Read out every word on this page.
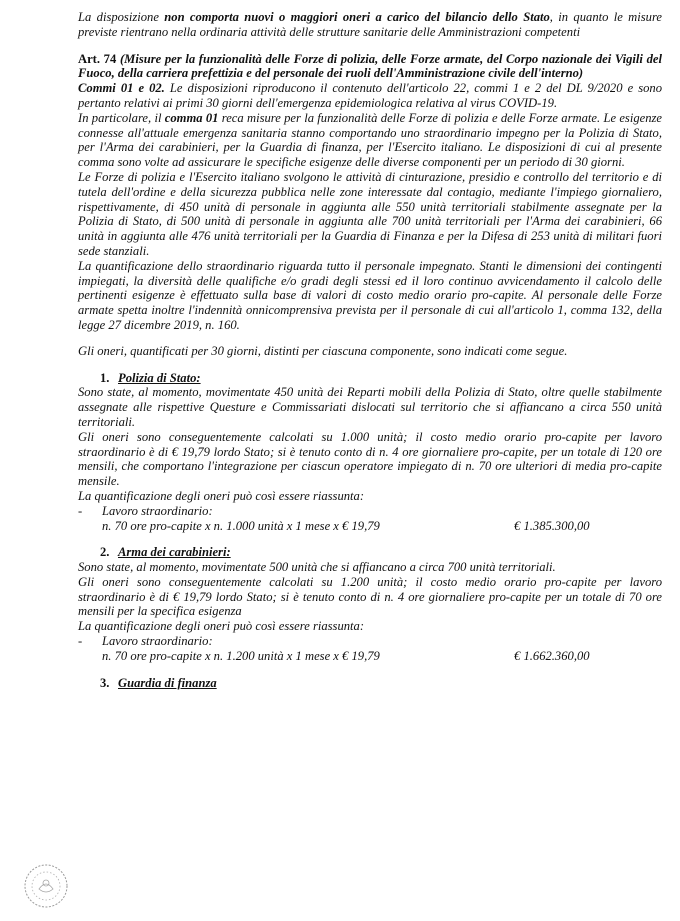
La disposizione non comporta nuovi o maggiori oneri a carico del bilancio dello Stato, in quanto le misure previste rientrano nella ordinaria attività delle strutture sanitarie delle Amministrazioni competenti

Art. 74 (Misure per la funzionalità delle Forze di polizia, delle Forze armate, del Corpo nazionale dei Vigili del Fuoco, della carriera prefettizia e del personale dei ruoli dell'Amministrazione civile dell'interno)

Commi 01 e 02. Le disposizioni riproducono il contenuto dell'articolo 22, commi 1 e 2 del DL 9/2020 e sono pertanto relativi ai primi 30 giorni dell'emergenza epidemiologica relativa al virus COVID-19.

In particolare, il comma 01 reca misure per la funzionalità delle Forze di polizia e delle Forze armate. Le esigenze connesse all'attuale emergenza sanitaria stanno comportando uno straordinario impegno per la Polizia di Stato, per l'Arma dei carabinieri, per la Guardia di finanza, per l'Esercito italiano. Le disposizioni di cui al presente comma sono volte ad assicurare le specifiche esigenze delle diverse componenti per un periodo di 30 giorni.

Le Forze di polizia e l'Esercito italiano svolgono le attività di cinturazione, presidio e controllo del territorio e di tutela dell'ordine e della sicurezza pubblica nelle zone interessate dal contagio, mediante l'impiego giornaliero, rispettivamente, di 450 unità di personale in aggiunta alle 550 unità territoriali stabilmente assegnate per la Polizia di Stato, di 500 unità di personale in aggiunta alle 700 unità territoriali per l'Arma dei carabinieri, 66 unità in aggiunta alle 476 unità territoriali per la Guardia di Finanza e per la Difesa di 253 unità di militari fuori sede stanziali.

La quantificazione dello straordinario riguarda tutto il personale impegnato. Stanti le dimensioni dei contingenti impiegati, la diversità delle qualifiche e/o gradi degli stessi ed il loro continuo avvicendamento il calcolo delle pertinenti esigenze è effettuato sulla base di valori di costo medio orario pro-capite. Al personale delle Forze armate spetta inoltre l'indennità onnicomprensiva prevista per il personale di cui all'articolo 1, comma 132, della legge 27 dicembre 2019, n. 160.

Gli oneri, quantificati per 30 giorni, distinti per ciascuna componente, sono indicati come segue.

1. Polizia di Stato:

Sono state, al momento, movimentate 450 unità dei Reparti mobili della Polizia di Stato, oltre quelle stabilmente assegnate alle rispettive Questure e Commissariati dislocati sul territorio che si affiancano a circa 550 unità territoriali.

Gli oneri sono conseguentemente calcolati su 1.000 unità; il costo medio orario pro-capite per lavoro straordinario è di € 19,79 lordo Stato; si è tenuto conto di n. 4 ore giornaliere pro-capite, per un totale di 120 ore mensili, che comportano l'integrazione per ciascun operatore impiegato di n. 70 ore ulteriori di media pro-capite mensile.

La quantificazione degli oneri può così essere riassunta:

-	Lavoro straordinario:
n. 70 ore pro-capite x n. 1.000 unità x 1 mese x € 19,79	€ 1.385.300,00
2. Arma dei carabinieri:

Sono state, al momento, movimentate 500 unità che si affiancano a circa 700 unità territoriali.

Gli oneri sono conseguentemente calcolati su 1.200 unità; il costo medio orario pro-capite per lavoro straordinario è di € 19,79 lordo Stato; si è tenuto conto di n. 4 ore giornaliere pro-capite per un totale di 70 ore mensili per la specifica esigenza

La quantificazione degli oneri può così essere riassunta:

-	Lavoro straordinario:
n. 70 ore pro-capite x n. 1.200 unità x 1 mese x € 19,79	€ 1.662.360,00
3. Guardia di finanza
